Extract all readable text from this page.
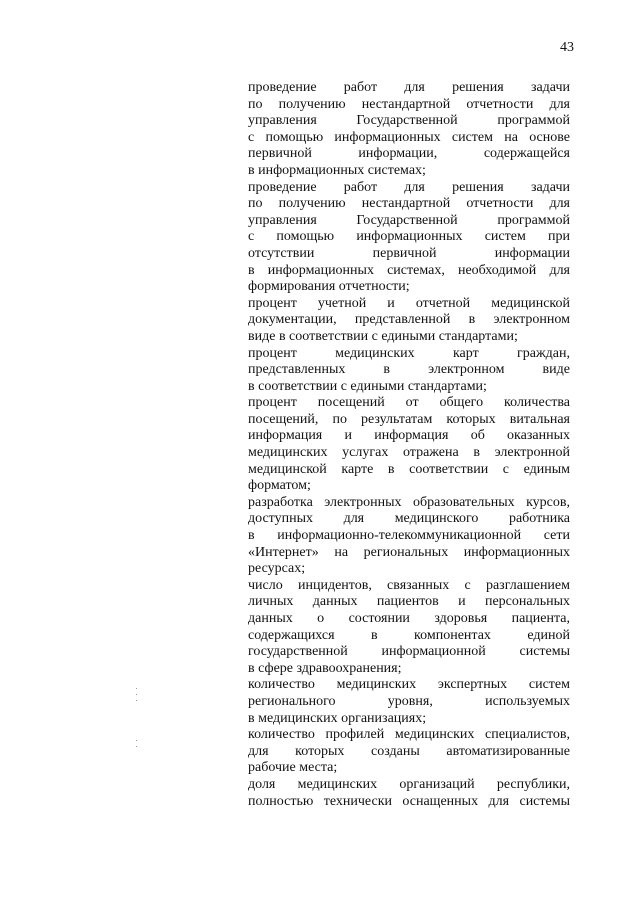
43

проведение работ для решения задачи
по получению нестандартной отчетности для
управления Государственной программой
с помощью информационных систем на основе
первичной информации, содержащейся
в информационных системах;

проведение работ для решения задачи
по получению нестандартной отчетности для
управления Государственной программой
с помощью информационных систем при
отсутствии первичной информации
в информационных системах, необходимой для
формирования отчетности;

процент учетной и отчетной медицинской
документации, представленной в электронном
виде в соответствии с едиными стандартами;

процент медицинских карт граждан,
представленных в электронном виде
в соответствии с едиными стандартами;

процент посещений от общего количества
посещений, по результатам которых витальная
информация и информация об оказанных
медицинских услугах отражена в электронной
медицинской карте в соответствии с единым
форматом;

разработка электронных образовательных курсов,
доступных для медицинского работника
в информационно-телекоммуникационной сети
«Интернет» на региональных информационных
ресурсах;

число инцидентов, связанных с разглашением
личных данных пациентов и персональных
данных о состоянии здоровья пациента,
содержащихся в компонентах единой
государственной информационной системы
в сфере здравоохранения;

количество медицинских экспертных систем
регионального уровня, используемых
в медицинских организациях;

количество профилей медицинских специалистов,
для которых созданы автоматизированные
рабочие места;

доля медицинских организаций республики,
полностью технически оснащенных для системы
